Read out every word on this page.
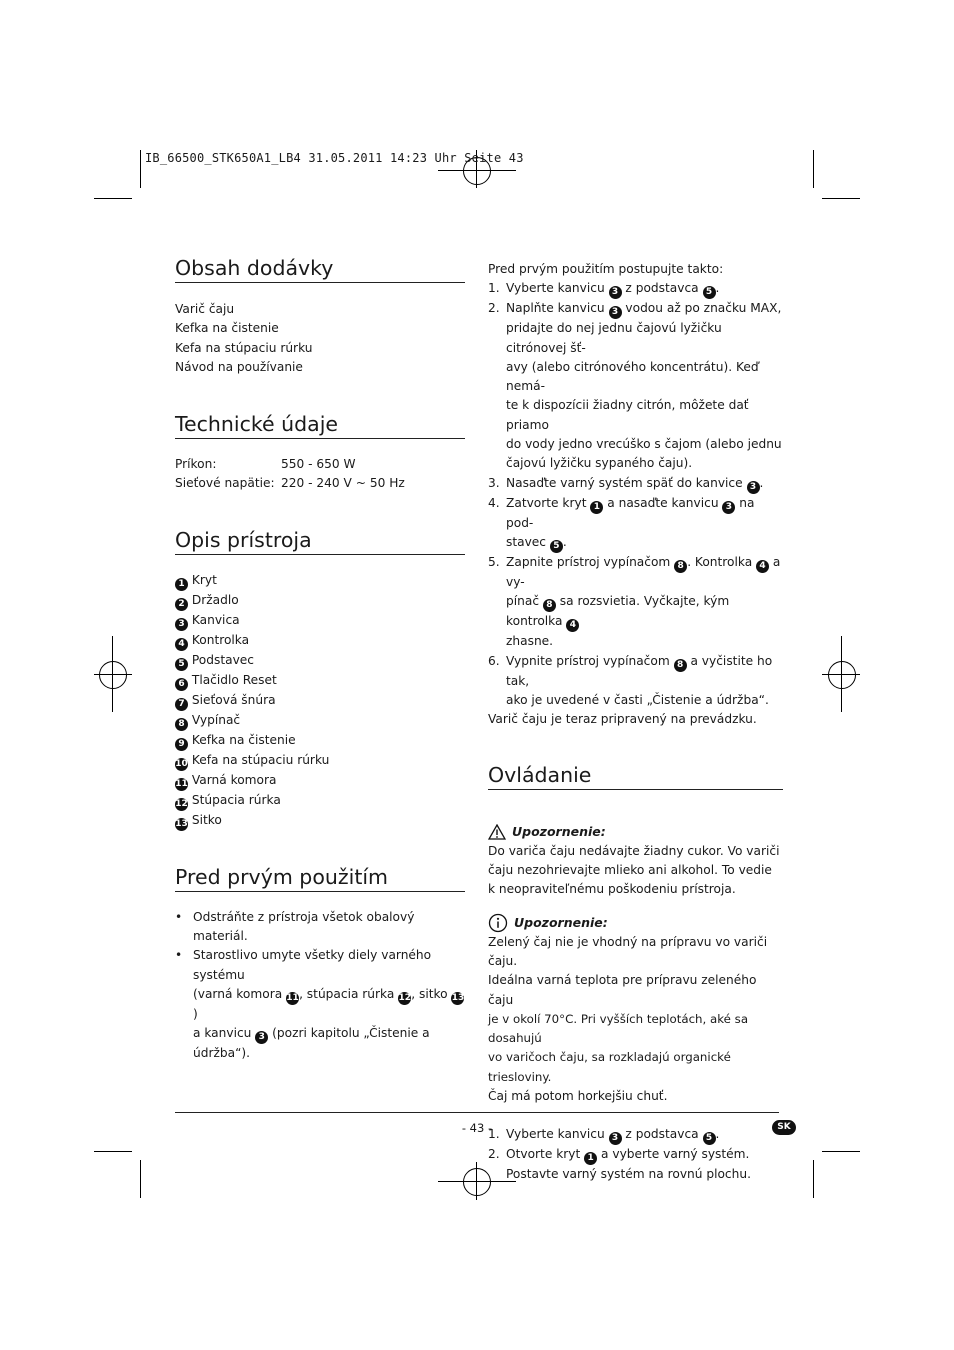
IB_66500_STK650A1_LB4 31.05.2011 14:23 Uhr Seite 43
Obsah dodávky
Varič čaju
Kefka na čistenie
Kefa na stúpaciu rúrku
Návod na používanie
Technické údaje
Príkon:	550 - 650 W
Sieťové napätie: 220 - 240 V ~ 50 Hz
Opis prístroja
1 Kryt
2 Držadlo
3 Kanvica
4 Kontrolka
5 Podstavec
6 Tlačidlo Reset
7 Sieťová šnúra
8 Vypínač
9 Kefka na čistenie
10 Kefa na stúpaciu rúrku
11 Varná komora
12 Stúpacia rúrka
13 Sitko
Pred prvým použitím
• Odstráňte z prístroja všetok obalový materiál.
• Starostlivo umyte všetky diely varného systému
(varná komora 11, stúpacia rúrka 12, sitko 13)
a kanvicu 3 (pozri kapitolu „Čistenie a údržba“).
Pred prvým použitím postupujte takto:
1. Vyberte kanvicu 3 z podstavca 5 .
2. Naplňte kanvicu 3 vodou až po značku MAX,
pridajte do nej jednu čajovú lyžičku citrónovej šť-
avy (alebo citrónového koncentrátu). Keď nemá-
te k dispozícii žiadny citrón, môžete dať priamo
do vody jedno vrecúško s čajom (alebo jednu
čajovú lyžičku sypaného čaju).
3. Nasaďte varný systém späť do kanvice 3 .
4. Zatvorte kryt 1 a nasaďte kanvicu 3 na pod-
stavec 5 .
5. Zapnite prístroj vypínačom 8 . Kontrolka 4 a vy-
pínač 8 sa rozsvietia. Vyčkajte, kým kontrolka 4
zhasne.
6. Vypnite prístroj vypínačom 8 a vyčistite ho tak,
ako je uvedené v časti „Čistenie a údržba“.
Varič čaju je teraz pripravený na prevádzku.
Ovládanie
Upozornenie:
Do variča čaju nedávajte žiadny cukor. Vo variči
čaju nezohrievajte mlieko ani alkohol. To vedie
k neopraviteľnému poškodeniu prístroja.
Upozornenie:
Zelený čaj nie je vhodný na prípravu vo variči čaju.
Ideálna varná teplota pre prípravu zeleného čaju
je v okolí 70°C. Pri vyšších teplotách, aké sa dosahujú
vo varičoch čaju, sa rozkladajú organické triesloviny.
Čaj má potom horkejšiu chuť.
1. Vyberte kanvicu 3 z podstavca 5 .
2. Otvorte kryt 1 a vyberte varný systém.
Postavte varný systém na rovnú plochu.
- 43 -	SK
